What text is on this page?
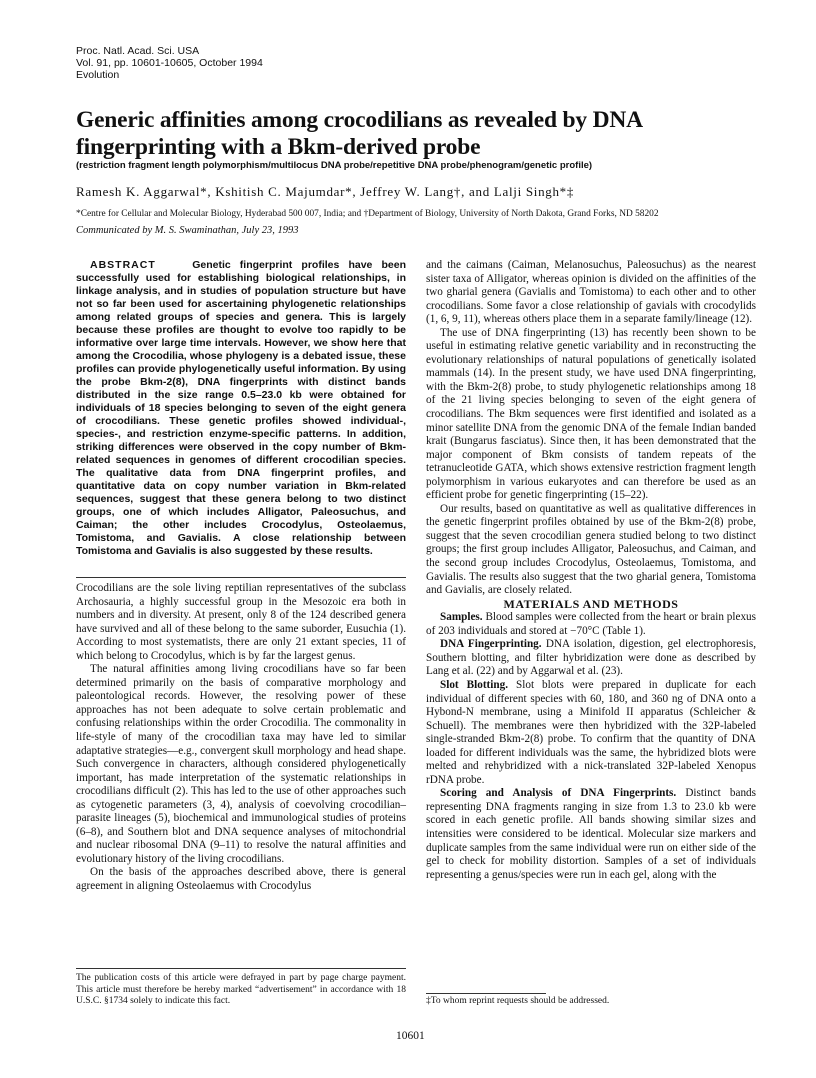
Proc. Natl. Acad. Sci. USA
Vol. 91, pp. 10601-10605, October 1994
Evolution
Generic affinities among crocodilians as revealed by DNA fingerprinting with a Bkm-derived probe
(restriction fragment length polymorphism/multilocus DNA probe/repetitive DNA probe/phenogram/genetic profile)
Ramesh K. Aggarwal*, Kshitish C. Majumdar*, Jeffrey W. Lang†, and Lalji Singh*‡
*Centre for Cellular and Molecular Biology, Hyderabad 500 007, India; and †Department of Biology, University of North Dakota, Grand Forks, ND 58202
Communicated by M. S. Swaminathan, July 23, 1993

ABSTRACT	Genetic fingerprint profiles have been successfully used for establishing biological relationships, in linkage analysis, and in studies of population structure but have not so far been used for ascertaining phylogenetic relationships among related groups of species and genera. This is largely because these profiles are thought to evolve too rapidly to be informative over large time intervals. However, we show here that among the Crocodilia, whose phylogeny is a debated issue, these profiles can provide phylogenetically useful information. By using the probe Bkm-2(8), DNA fingerprints with distinct bands distributed in the size range 0.5–23.0 kb were obtained for individuals of 18 species belonging to seven of the eight genera of crocodilians. These genetic profiles showed individual-, species-, and restriction enzyme-specific patterns. In addition, striking differences were observed in the copy number of Bkm-related sequences in genomes of different crocodilian species. The qualitative data from DNA fingerprint profiles, and quantitative data on copy number variation in Bkm-related sequences, suggest that these genera belong to two distinct groups, one of which includes Alligator, Paleosuchus, and Caiman; the other includes Crocodylus, Osteolaemus, Tomistoma, and Gavialis. A close relationship between Tomistoma and Gavialis is also suggested by these results.

Crocodilians are the sole living reptilian representatives of the subclass Archosauria, a highly successful group in the Mesozoic era both in numbers and in diversity. At present, only 8 of the 124 described genera have survived and all of these belong to the same suborder, Eusuchia (1). According to most systematists, there are only 21 extant species, 11 of which belong to Crocodylus, which is by far the largest genus.

The natural affinities among living crocodilians have so far been determined primarily on the basis of comparative morphology and paleontological records. However, the resolving power of these approaches has not been adequate to solve certain problematic and confusing relationships within the order Crocodilia. The commonality in life-style of many of the crocodilian taxa may have led to similar adaptative strategies—e.g., convergent skull morphology and head shape. Such convergence in characters, although considered phylogenetically important, has made interpretation of the systematic relationships in crocodilians difficult (2). This has led to the use of other approaches such as cytogenetic parameters (3, 4), analysis of coevolving crocodilian–parasite lineages (5), biochemical and immunological studies of proteins (6–8), and Southern blot and DNA sequence analyses of mitochondrial and nuclear ribosomal DNA (9–11) to resolve the natural affinities and evolutionary history of the living crocodilians.

On the basis of the approaches described above, there is general agreement in aligning Osteolaemus with Crocodylus

The publication costs of this article were defrayed in part by page charge payment. This article must therefore be hereby marked “advertisement” in accordance with 18 U.S.C. §1734 solely to indicate this fact.

and the caimans (Caiman, Melanosuchus, Paleosuchus) as the nearest sister taxa of Alligator, whereas opinion is divided on the affinities of the two gharial genera (Gavialis and Tomistoma) to each other and to other crocodilians. Some favor a close relationship of gavials with crocodylids (1, 6, 9, 11), whereas others place them in a separate family/lineage (12).

The use of DNA fingerprinting (13) has recently been shown to be useful in estimating relative genetic variability and in reconstructing the evolutionary relationships of natural populations of genetically isolated mammals (14). In the present study, we have used DNA fingerprinting, with the Bkm-2(8) probe, to study phylogenetic relationships among 18 of the 21 living species belonging to seven of the eight genera of crocodilians. The Bkm sequences were first identified and isolated as a minor satellite DNA from the genomic DNA of the female Indian banded krait (Bungarus fasciatus). Since then, it has been demonstrated that the major component of Bkm consists of tandem repeats of the tetranucleotide GATA, which shows extensive restriction fragment length polymorphism in various eukaryotes and can therefore be used as an efficient probe for genetic fingerprinting (15–22).

Our results, based on quantitative as well as qualitative differences in the genetic fingerprint profiles obtained by use of the Bkm-2(8) probe, suggest that the seven crocodilian genera studied belong to two distinct groups; the first group includes Alligator, Paleosuchus, and Caiman, and the second group includes Crocodylus, Osteolaemus, Tomistoma, and Gavialis. The results also suggest that the two gharial genera, Tomistoma and Gavialis, are closely related.

MATERIALS AND METHODS

Samples. Blood samples were collected from the heart or brain plexus of 203 individuals and stored at −70°C (Table 1).

DNA Fingerprinting. DNA isolation, digestion, gel electrophoresis, Southern blotting, and filter hybridization were done as described by Lang et al. (22) and by Aggarwal et al. (23).

Slot Blotting. Slot blots were prepared in duplicate for each individual of different species with 60, 180, and 360 ng of DNA onto a Hybond-N membrane, using a Minifold II apparatus (Schleicher & Schuell). The membranes were then hybridized with the 32P-labeled single-stranded Bkm-2(8) probe. To confirm that the quantity of DNA loaded for different individuals was the same, the hybridized blots were melted and rehybridized with a nick-translated 32P-labeled Xenopus rDNA probe.

Scoring and Analysis of DNA Fingerprints. Distinct bands representing DNA fragments ranging in size from 1.3 to 23.0 kb were scored in each genetic profile. All bands showing similar sizes and intensities were considered to be identical. Molecular size markers and duplicate samples from the same individual were run on either side of the gel to check for mobility distortion. Samples of a set of individuals representing a genus/species were run in each gel, along with the

‡To whom reprint requests should be addressed.
10601
